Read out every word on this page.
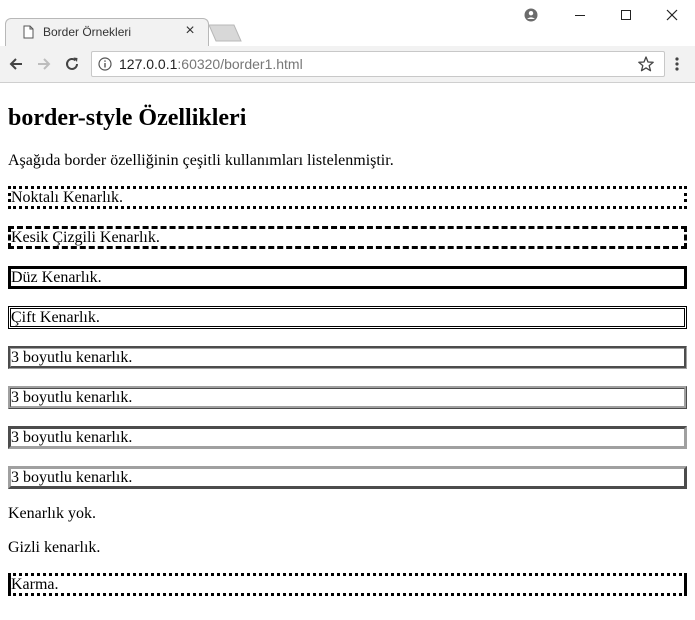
Border Örnekleri	×
127.0.0.1:60320/border1.html
border-style Özellikleri

Aşağıda border özelliğinin çeşitli kullanımları listelenmiştir.

Noktalı Kenarlık.

Kesik Çizgili Kenarlık.

Düz Kenarlık.

Çift Kenarlık.

3 boyutlu kenarlık.

3 boyutlu kenarlık.

3 boyutlu kenarlık.

3 boyutlu kenarlık.

Kenarlık yok.

Gizli kenarlık.

Karma.
